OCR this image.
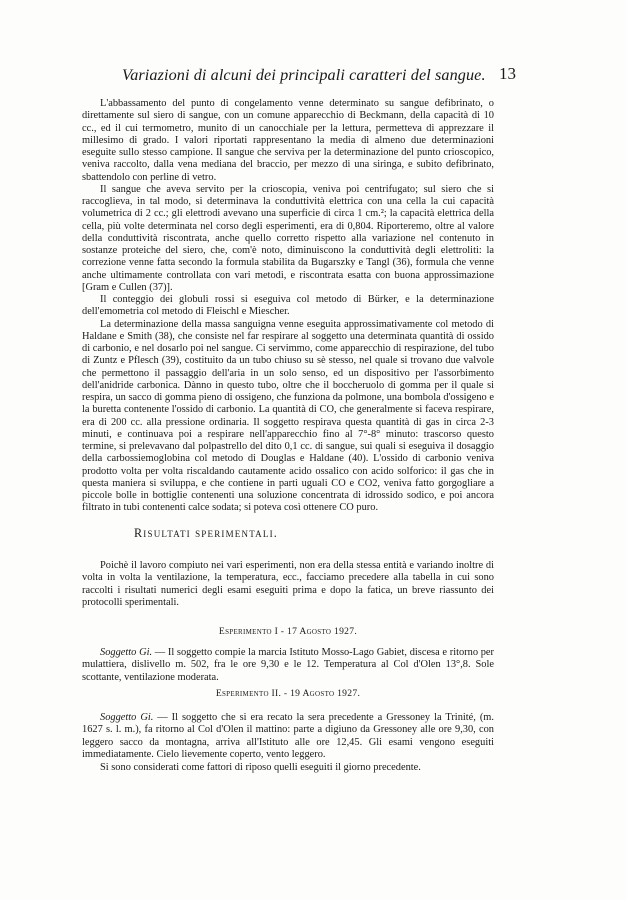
Variazioni di alcuni dei principali caratteri del sangue. 13

L'abbassamento del punto di congelamento venne determinato su sangue defibrinato, o direttamente sul siero di sangue, con un comune apparecchio di Beckmann, della capacità di 10 cc., ed il cui termometro, munito di un canocchiale per la lettura, permetteva di apprezzare il millesimo di grado. I valori riportati rappresentano la media di almeno due determinazioni eseguite sullo stesso campione. Il sangue che serviva per la determinazione del punto crioscopico, veniva raccolto, dalla vena mediana del braccio, per mezzo di una siringa, e subito defibrinato, sbattendolo con perline di vetro.

Il sangue che aveva servito per la crioscopia, veniva poi centrifugato; sul siero che si raccoglieva, in tal modo, si determinava la conduttività elettrica con una cella la cui capacità volumetrica di 2 cc.; gli elettrodi avevano una superficie di circa 1 cm.²; la capacità elettrica della cella, più volte determinata nel corso degli esperimenti, era di 0,804. Riporteremo, oltre al valore della conduttività riscontrata, anche quello corretto rispetto alla variazione nel contenuto in sostanze proteiche del siero, che, com'è noto, diminuiscono la conduttività degli elettroliti: la correzione venne fatta secondo la formula stabilita da Bugarszky e Tangl (36), formula che venne anche ultimamente controllata con vari metodi, e riscontrata esatta con buona approssimazione [Gram e Cullen (37)].

Il conteggio dei globuli rossi si eseguiva col metodo di Bürker, e la determinazione dell'emometria col metodo di Fleischl e Miescher.

La determinazione della massa sanguigna venne eseguita approssimativamente col metodo di Haldane e Smith (38), che consiste nel far respirare al soggetto una determinata quantità di ossido di carbonio, e nel dosarlo poi nel sangue. Ci servimmo, come apparecchio di respirazione, del tubo di Zuntz e Pflesch (39), costituito da un tubo chiuso su sè stesso, nel quale si trovano due valvole che permettono il passaggio dell'aria in un solo senso, ed un dispositivo per l'assorbimento dell'anidride carbonica. Dànno in questo tubo, oltre che il boccheruolo di gomma per il quale si respira, un sacco di gomma pieno di ossigeno, che funziona da polmone, una bombola d'ossigeno e la buretta contenente l'ossido di carbonio. La quantità di CO, che generalmente si faceva respirare, era di 200 cc. alla pressione ordinaria. Il soggetto respirava questa quantità di gas in circa 2-3 minuti, e continuava poi a respirare nell'apparecchio fino al 7°-8° minuto: trascorso questo termine, si prelevavano dal polpastrello del dito 0,1 cc. di sangue, sui quali si eseguiva il dosaggio della carbossiemoglobina col metodo di Douglas e Haldane (40). L'ossido di carbonio veniva prodotto volta per volta riscaldando cautamente acido ossalico con acido solforico: il gas che in questa maniera si sviluppa, e che contiene in parti uguali CO e CO2, veniva fatto gorgogliare a piccole bolle in bottiglie contenenti una soluzione concentrata di idrossido sodico, e poi ancora filtrato in tubi contenenti calce sodata; si poteva così ottenere CO puro.

Risultati sperimentali.

Poichè il lavoro compiuto nei vari esperimenti, non era della stessa entità e variando inoltre di volta in volta la ventilazione, la temperatura, ecc., facciamo precedere alla tabella in cui sono raccolti i risultati numerici degli esami eseguiti prima e dopo la fatica, un breve riassunto dei protocolli sperimentali.

Esperimento I - 17 Agosto 1927.

Soggetto Gi. — Il soggetto compie la marcia Istituto Mosso-Lago Gabiet, discesa e ritorno per mulattiera, dislivello m. 502, fra le ore 9,30 e le 12. Temperatura al Col d'Olen 13°,8. Sole scottante, ventilazione moderata.

Esperimento II. - 19 Agosto 1927.

Soggetto Gi. — Il soggetto che si era recato la sera precedente a Gressoney la Trinité, (m. 1627 s. l. m.), fa ritorno al Col d'Olen il mattino: parte a digiuno da Gressoney alle ore 9,30, con leggero sacco da montagna, arriva all'Istituto alle ore 12,45. Gli esami vengono eseguiti immediatamente. Cielo lievemente coperto, vento leggero.

Si sono considerati come fattori di riposo quelli eseguiti il giorno precedente.
